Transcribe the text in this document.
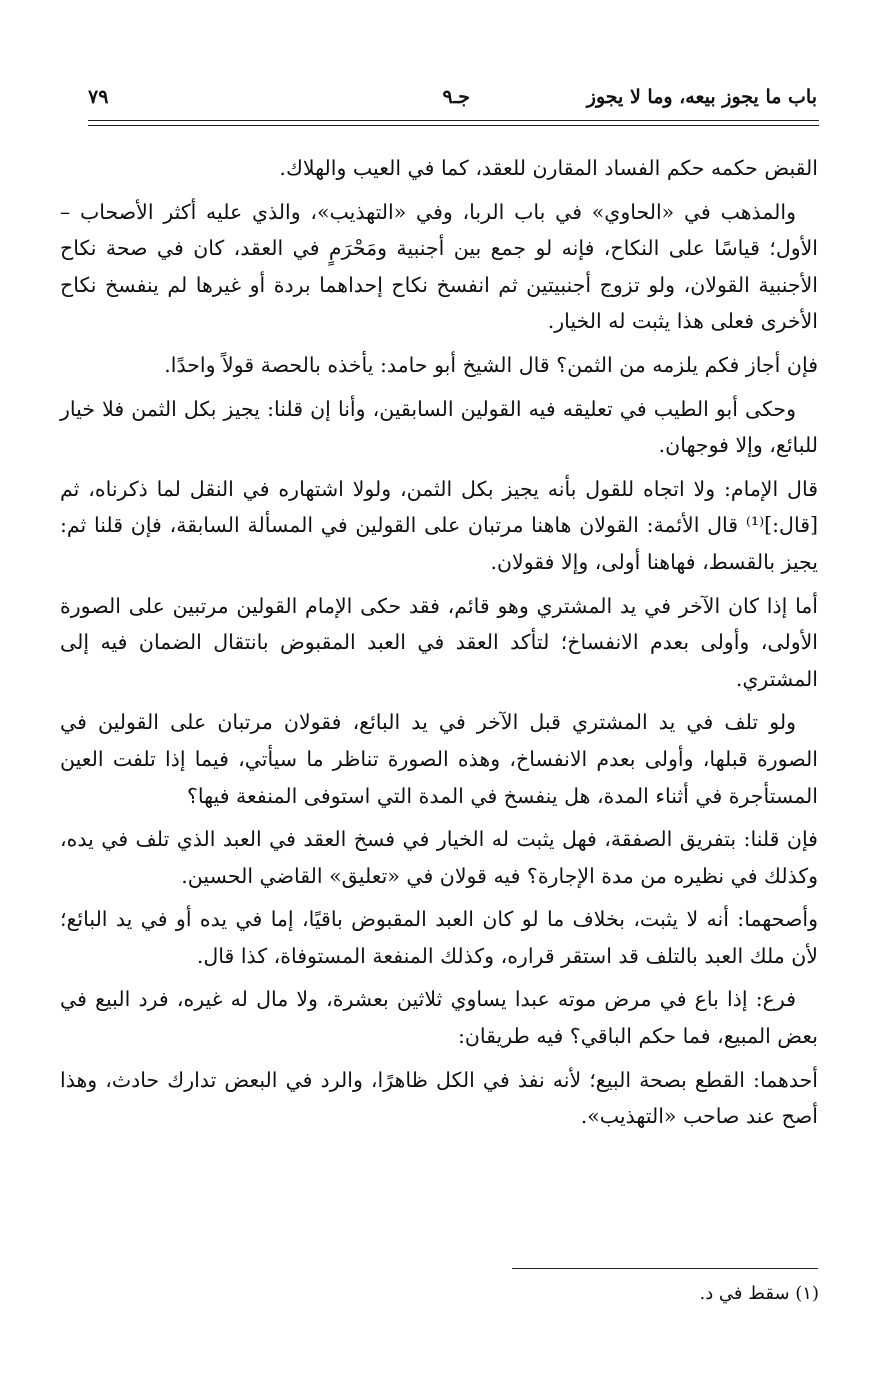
باب ما يجوز بيعه، وما لا يجوز
جـ٩
٧٩

القبض حكمه حكم الفساد المقارن للعقد، كما في العيب والهلاك.

والمذهب في «الحاوي» في باب الربا، وفي «التهذيب»، والذي عليه أكثر الأصحاب – الأول؛ قياسًا على النكاح، فإنه لو جمع بين أجنبية ومَحْرَمٍ في العقد، كان في صحة نكاح الأجنبية القولان، ولو تزوج أجنبيتين ثم انفسخ نكاح إحداهما بردة أو غيرها لم ينفسخ نكاح الأخرى فعلى هذا يثبت له الخيار.

فإن أجاز فكم يلزمه من الثمن؟ قال الشيخ أبو حامد: يأخذه بالحصة قولاً واحدًا.

وحكى أبو الطيب في تعليقه فيه القولين السابقين، وأنا إن قلنا: يجيز بكل الثمن فلا خيار للبائع، وإلا فوجهان.

قال الإمام: ولا اتجاه للقول بأنه يجيز بكل الثمن، ولولا اشتهاره في النقل لما ذكرناه، ثم [قال:]⁽¹⁾ قال الأئمة: القولان هاهنا مرتبان على القولين في المسألة السابقة، فإن قلنا ثم: يجيز بالقسط، فهاهنا أولى، وإلا فقولان.

أما إذا كان الآخر في يد المشتري وهو قائم، فقد حكى الإمام القولين مرتبين على الصورة الأولى، وأولى بعدم الانفساخ؛ لتأكد العقد في العبد المقبوض بانتقال الضمان فيه إلى المشتري.

ولو تلف في يد المشتري قبل الآخر في يد البائع، فقولان مرتبان على القولين في الصورة قبلها، وأولى بعدم الانفساخ، وهذه الصورة تناظر ما سيأتي، فيما إذا تلفت العين المستأجرة في أثناء المدة، هل ينفسخ في المدة التي استوفى المنفعة فيها؟

فإن قلنا: بتفريق الصفقة، فهل يثبت له الخيار في فسخ العقد في العبد الذي تلف في يده، وكذلك في نظيره من مدة الإجارة؟ فيه قولان في «تعليق» القاضي الحسين.

وأصحهما: أنه لا يثبت، بخلاف ما لو كان العبد المقبوض باقيًا، إما في يده أو في يد البائع؛ لأن ملك العبد بالتلف قد استقر قراره، وكذلك المنفعة المستوفاة، كذا قال.

فرع: إذا باع في مرض موته عبدا يساوي ثلاثين بعشرة، ولا مال له غيره، فرد البيع في بعض المبيع، فما حكم الباقي؟ فيه طريقان:

أحدهما: القطع بصحة البيع؛ لأنه نفذ في الكل ظاهرًا، والرد في البعض تدارك حادث، وهذا أصح عند صاحب «التهذيب».

(١) سقط في د.
